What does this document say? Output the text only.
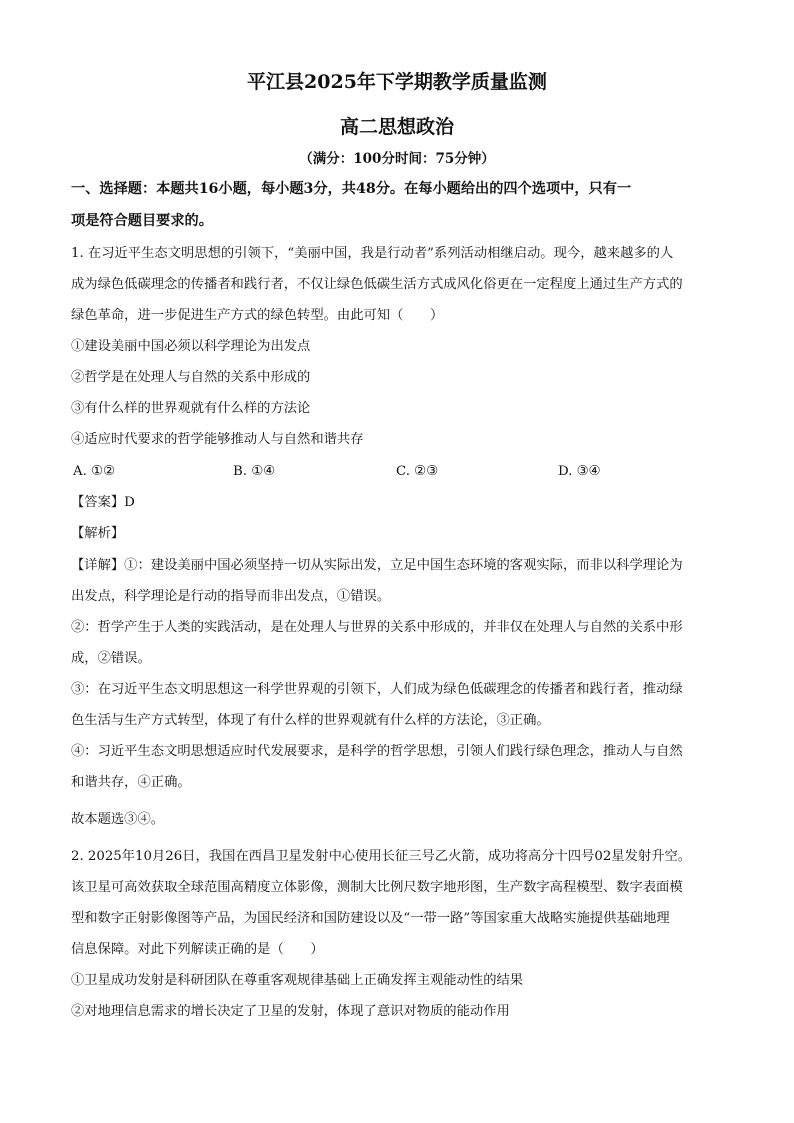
平江县2025年下学期教学质量监测
高二思想政治
（满分：100分时间：75分钟）
一、选择题：本题共16小题，每小题3分，共48分。在每小题给出的四个选项中，只有一
项是符合题目要求的。
1. 在习近平生态文明思想的引领下，“美丽中国，我是行动者”系列活动相继启动。现今，越来越多的人
成为绿色低碳理念的传播者和践行者，不仅让绿色低碳生活方式成风化俗更在一定程度上通过生产方式的
绿色革命，进一步促进生产方式的绿色转型。由此可知（　　）
①建设美丽中国必须以科学理论为出发点
②哲学是在处理人与自然的关系中形成的
③有什么样的世界观就有什么样的方法论
④适应时代要求的哲学能够推动人与自然和谐共存
A. ①②	B. ①④	C. ②③	D. ③④
【答案】D
【解析】
【详解】①：建设美丽中国必须坚持一切从实际出发，立足中国生态环境的客观实际，而非以科学理论为
出发点，科学理论是行动的指导而非出发点，①错误。
②：哲学产生于人类的实践活动，是在处理人与世界的关系中形成的，并非仅在处理人与自然的关系中形
成，②错误。
③：在习近平生态文明思想这一科学世界观的引领下，人们成为绿色低碳理念的传播者和践行者，推动绿
色生活与生产方式转型，体现了有什么样的世界观就有什么样的方法论，③正确。
④：习近平生态文明思想适应时代发展要求，是科学的哲学思想，引领人们践行绿色理念，推动人与自然
和谐共存，④正确。
故本题选③④。
2. 2025年10月26日，我国在西昌卫星发射中心使用长征三号乙火箭，成功将高分十四号02星发射升空。
该卫星可高效获取全球范围高精度立体影像，测制大比例尺数字地形图，生产数字高程模型、数字表面模
型和数字正射影像图等产品，为国民经济和国防建设以及“一带一路”等国家重大战略实施提供基础地理
信息保障。对此下列解读正确的是（　　）
①卫星成功发射是科研团队在尊重客观规律基础上正确发挥主观能动性的结果
②对地理信息需求的增长决定了卫星的发射，体现了意识对物质的能动作用
